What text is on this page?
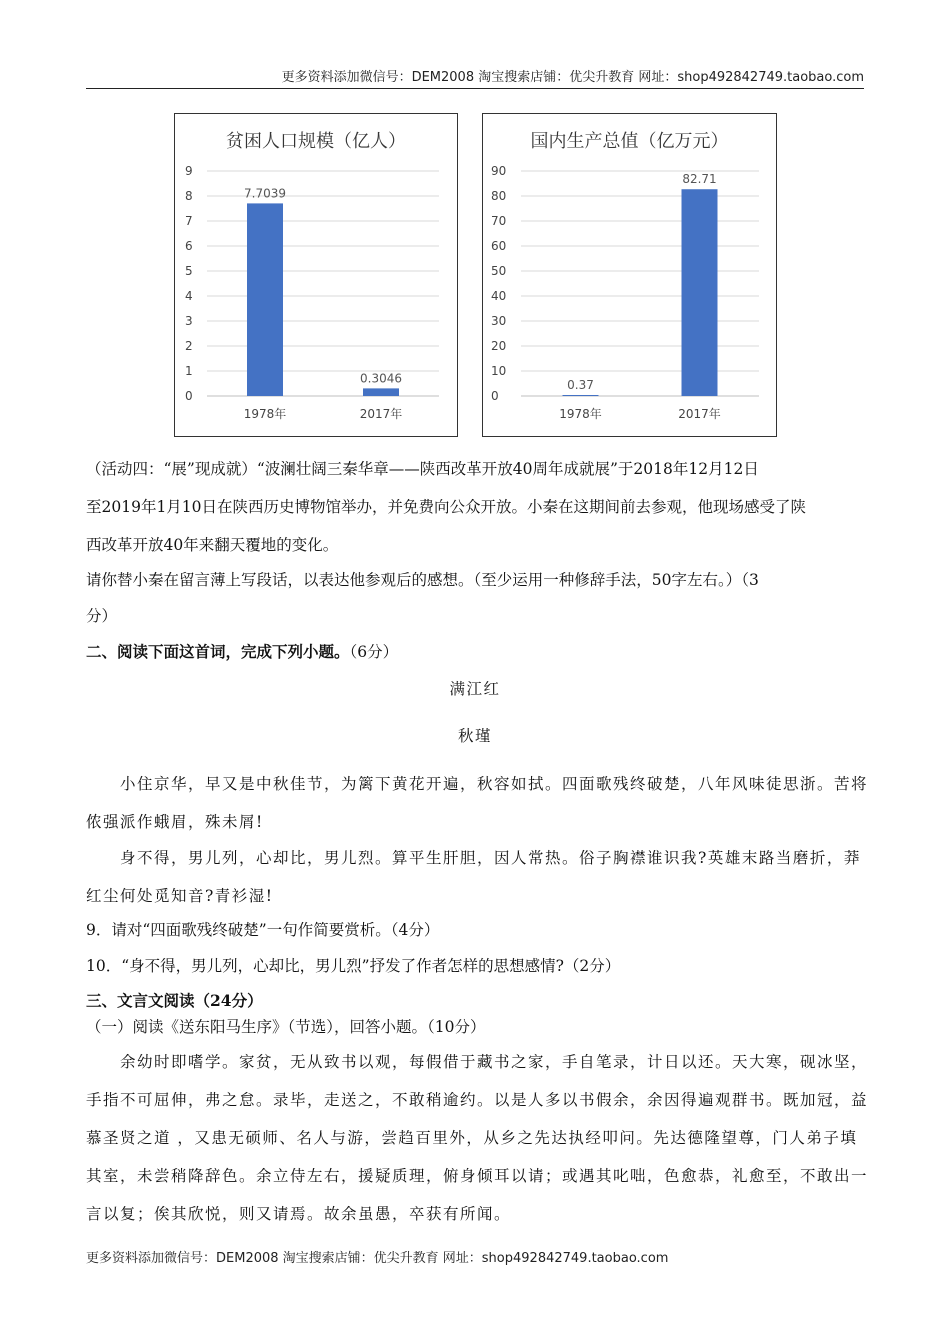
更多资料添加微信号：DEM2008 淘宝搜索店铺：优尖升教育 网址：shop492842749.taobao.com
贫困人口规模（亿人）
0
1
2
3
4
5
6
7
8
9
7.7039
1978年
0.3046
2017年
国内生产总值（亿万元）
0
10
20
30
40
50
60
70
80
90
0.37
1978年
82.71
2017年
（活动四：“展”现成就）“波澜壮阔三秦华章——陕西改革开放40周年成就展”于2018年12月12日
至2019年1月10日在陕西历史博物馆举办，并免费向公众开放。小秦在这期间前去参观，他现场感受了陕
西改革开放40年来翻天覆地的变化。
请你替小秦在留言薄上写段话，以表达他参观后的感想。（至少运用一种修辞手法，50字左右。）（3
分）
二、阅读下面这首词，完成下列小题。（6分）
满江红
秋瑾
小住京华，早又是中秋佳节，为篱下黄花开遍，秋容如拭。四面歌残终破楚，八年风味徒思浙。苦将
侬强派作蛾眉，殊未屑!
身不得，男儿列，心却比，男儿烈。算平生肝胆，因人常热。俗子胸襟谁识我?英雄末路当磨折，莽
红尘何处觅知音?青衫湿!
9．请对“四面歌残终破楚”一句作简要赏析。（4分）
10．“身不得，男儿列，心却比，男儿烈”抒发了作者怎样的思想感情?（2分）
三、文言文阅读（24分）
（一）阅读《送东阳马生序》（节选），回答小题。（10分）
余幼时即嗜学。家贫，无从致书以观，每假借于藏书之家，手自笔录，计日以还。天大寒，砚冰坚，
手指不可屈伸，弗之怠。录毕，走送之，不敢稍逾约。以是人多以书假余，余因得遍观群书。既加冠，益
慕圣贤之道 ，又患无硕师、名人与游，尝趋百里外，从乡之先达执经叩问。先达德隆望尊，门人弟子填
其室，未尝稍降辞色。余立侍左右，援疑质理，俯身倾耳以请；或遇其叱咄，色愈恭，礼愈至，不敢出一
言以复；俟其欣悦，则又请焉。故余虽愚，卒获有所闻。
更多资料添加微信号：DEM2008 淘宝搜索店铺：优尖升教育 网址：shop492842749.taobao.com
